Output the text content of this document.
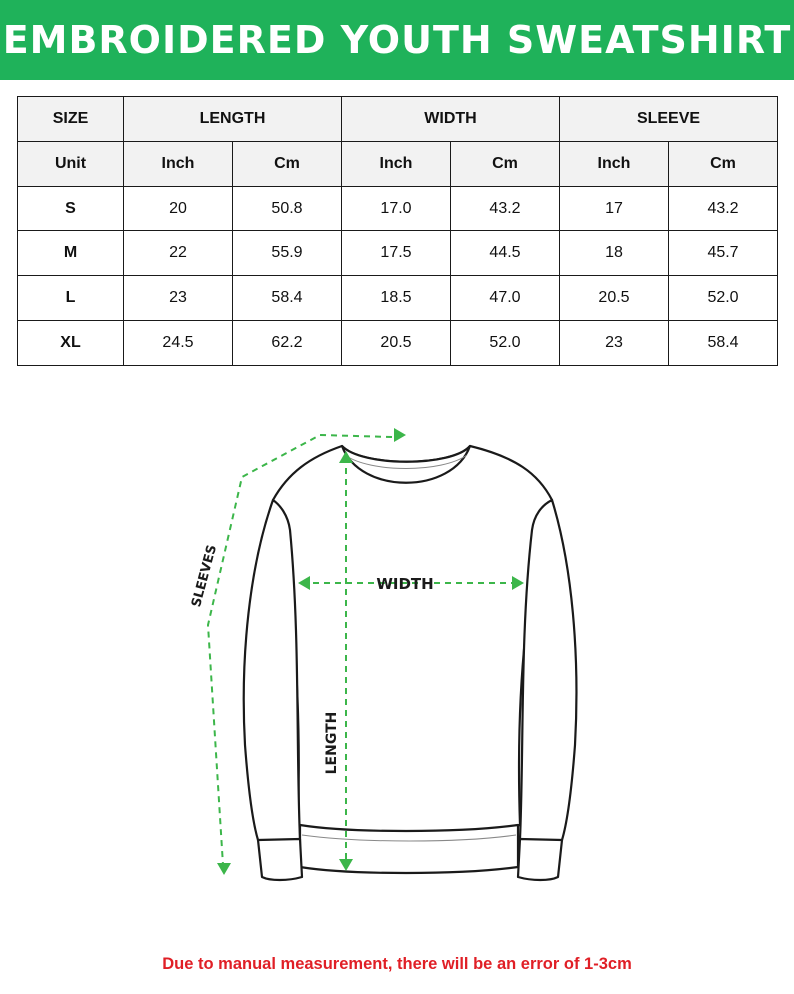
EMBROIDERED YOUTH SWEATSHIRT
SIZE	LENGTH		WIDTH		SLEEVE	
Unit	Inch	Cm	Inch	Cm	Inch	Cm
S	20	50.8	17.0	43.2	17	43.2
M	22	55.9	17.5	44.5	18	45.7
L	23	58.4	18.5	47.0	20.5	52.0
XL	24.5	62.2	20.5	52.0	23	58.4
WIDTH
LENGTH
SLEEVES
Due to manual measurement, there will be an error of 1-3cm
